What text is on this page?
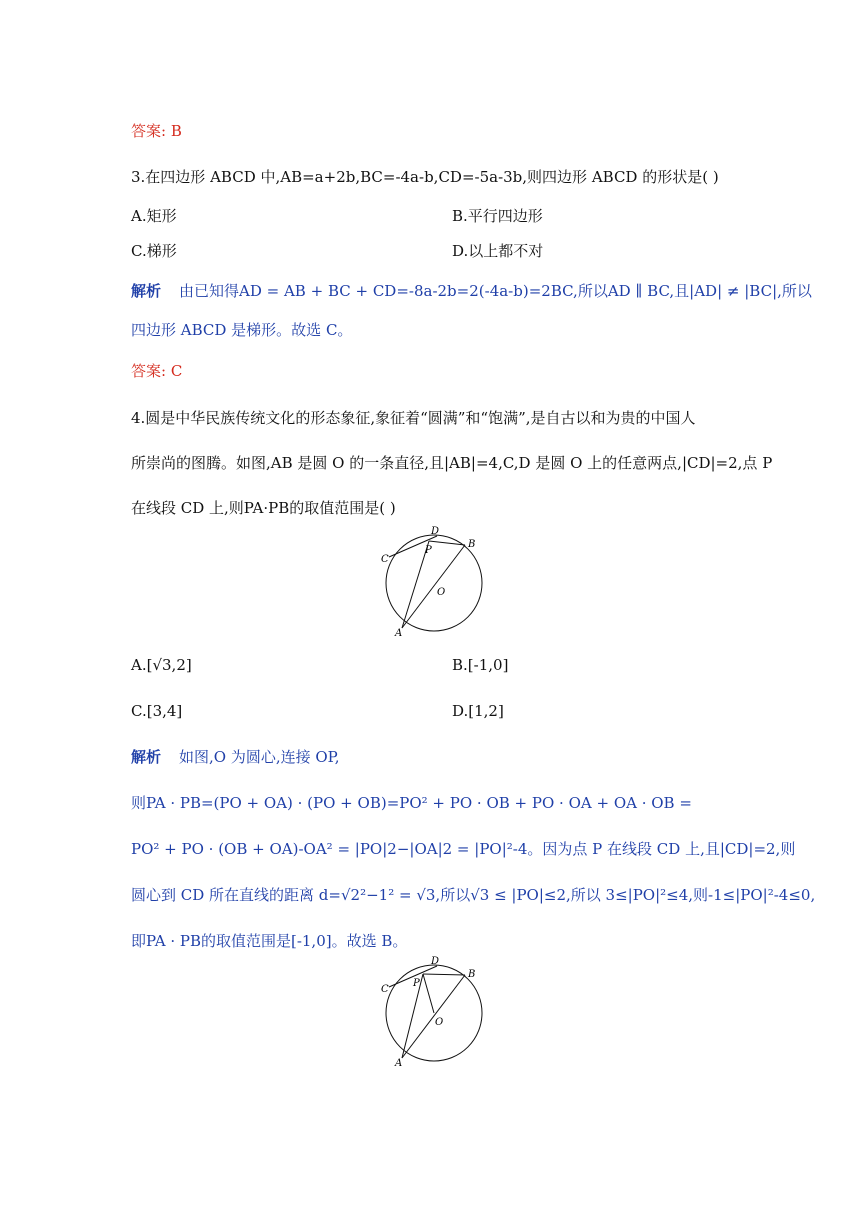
答案: B
3.在四边形 ABCD 中,AB=a+2b,BC=-4a-b,CD=-5a-3b,则四边形 ABCD 的形状是( )
A.矩形	B.平行四边形
C.梯形	D.以上都不对
解析 由已知得AD = AB + BC + CD=-8a-2b=2(-4a-b)=2BC,所以AD ∥ BC,且|AD| ≠ |BC|,所以
四边形 ABCD 是梯形。故选 C。
答案: C
4.圆是中华民族传统文化的形态象征,象征着“圆满”和“饱满”,是自古以和为贵的中国人
所崇尚的图腾。如图,AB 是圆 O 的一条直径,且|AB|=4,C,D 是圆 O 上的任意两点,|CD|=2,点 P
在线段 CD 上,则PA·PB的取值范围是( )
A
B
C
D
O
P
A.[√3,2]	B.[-1,0]
C.[3,4]	D.[1,2]
解析 如图,O 为圆心,连接 OP,
则PA · PB=(PO + OA) · (PO + OB)=PO² + PO · OB + PO · OA + OA · OB =
PO² + PO · (OB + OA)-OA² = |PO|2−|OA|2 = |PO|²-4。因为点 P 在线段 CD 上,且|CD|=2,则
圆心到 CD 所在直线的距离 d=√2²−1² = √3,所以√3 ≤ |PO|≤2,所以 3≤|PO|²≤4,则-1≤|PO|²-4≤0,
即PA · PB的取值范围是[-1,0]。故选 B。
A
B
C
D
O
P
